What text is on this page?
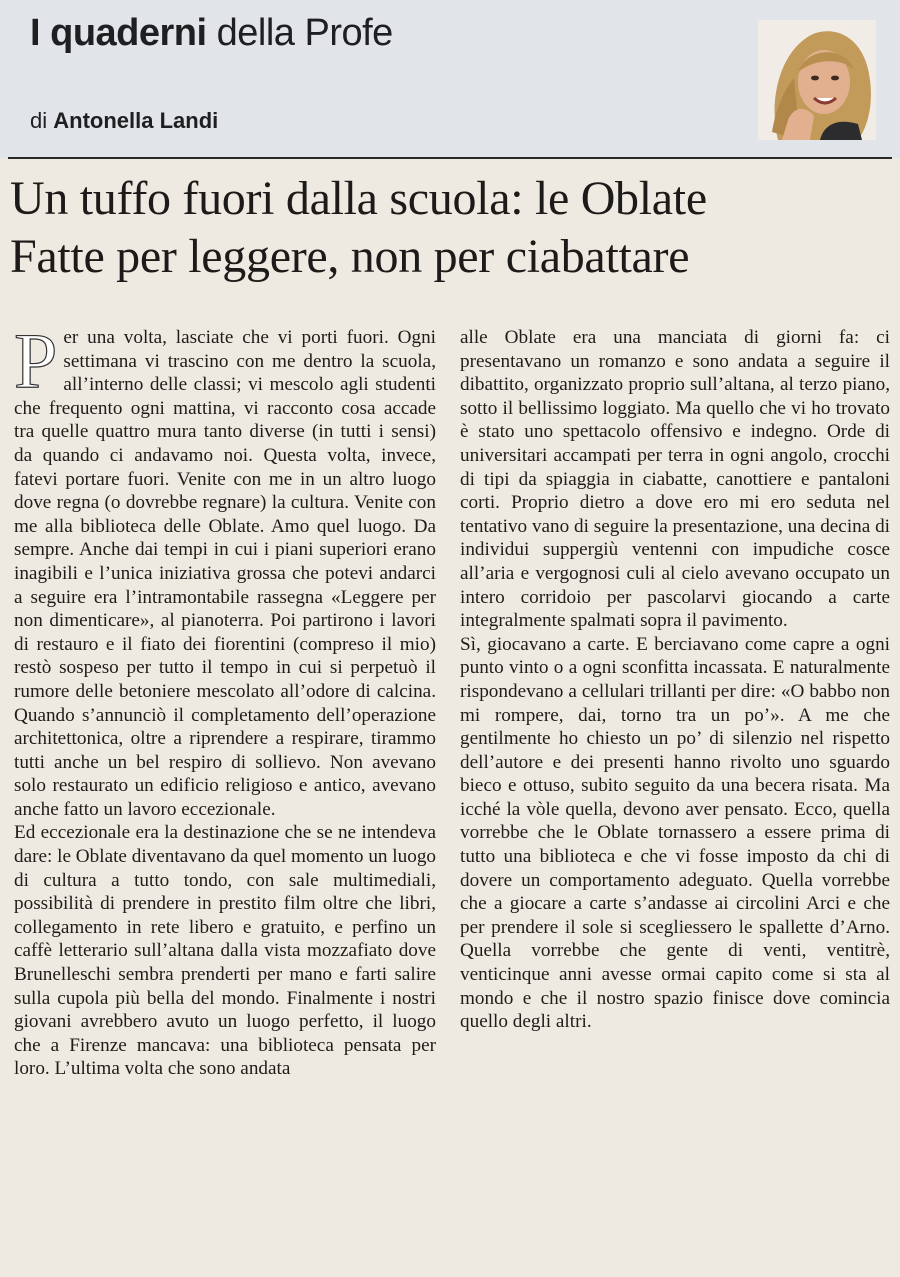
I quaderni della Profe
di Antonella Landi
Un tuffo fuori dalla scuola: le Oblate
Fatte per leggere, non per ciabattare

Per una volta, lasciate che vi porti fuori. Ogni settimana vi trascino con me dentro la scuola, all’interno delle classi; vi mescolo agli studenti che frequento ogni mattina, vi racconto cosa accade tra quelle quattro mura tanto diverse (in tutti i sensi) da quando ci andavamo noi. Questa volta, invece, fatevi portare fuori. Venite con me in un altro luogo dove regna (o dovrebbe regnare) la cultura. Venite con me alla biblioteca delle Oblate. Amo quel luogo. Da sempre. Anche dai tempi in cui i piani superiori erano inagibili e l’unica iniziativa grossa che potevi andarci a seguire era l’intramontabile rassegna «Leggere per non dimenticare», al pianoterra. Poi partirono i lavori di restauro e il fiato dei fiorentini (compreso il mio) restò sospeso per tutto il tempo in cui si perpetuò il rumore delle betoniere mescolato all’odore di calcina. Quando s’annunciò il completamento dell’operazione architettonica, oltre a riprendere a respirare, tirammo tutti anche un bel respiro di sollievo. Non avevano solo restaurato un edificio religioso e antico, avevano anche fatto un lavoro eccezionale.

Ed eccezionale era la destinazione che se ne intendeva dare: le Oblate diventavano da quel momento un luogo di cultura a tutto tondo, con sale multimediali, possibilità di prendere in prestito film oltre che libri, collegamento in rete libero e gratuito, e perfino un caffè letterario sull’altana dalla vista mozzafiato dove Brunelleschi sembra prenderti per mano e farti salire sulla cupola più bella del mondo. Finalmente i nostri giovani avrebbero avuto un luogo perfetto, il luogo che a Firenze mancava: una biblioteca pensata per loro. L’ultima volta che sono andata

alle Oblate era una manciata di giorni fa: ci presentavano un romanzo e sono andata a seguire il dibattito, organizzato proprio sull’altana, al terzo piano, sotto il bellissimo loggiato. Ma quello che vi ho trovato è stato uno spettacolo offensivo e indegno. Orde di universitari accampati per terra in ogni angolo, crocchi di tipi da spiaggia in ciabatte, canottiere e pantaloni corti. Proprio dietro a dove ero mi ero seduta nel tentativo vano di seguire la presentazione, una decina di individui suppergiù ventenni con impudiche cosce all’aria e vergognosi culi al cielo avevano occupato un intero corridoio per pascolarvi giocando a carte integralmente spalmati sopra il pavimento.

Sì, giocavano a carte. E berciavano come capre a ogni punto vinto o a ogni sconfitta incassata. E naturalmente rispondevano a cellulari trillanti per dire: «O babbo non mi rompere, dai, torno tra un po’». A me che gentilmente ho chiesto un po’ di silenzio nel rispetto dell’autore e dei presenti hanno rivolto uno sguardo bieco e ottuso, subito seguito da una becera risata. Ma icché la vòle quella, devono aver pensato. Ecco, quella vorrebbe che le Oblate tornassero a essere prima di tutto una biblioteca e che vi fosse imposto da chi di dovere un comportamento adeguato. Quella vorrebbe che a giocare a carte s’andasse ai circolini Arci e che per prendere il sole si scegliessero le spallette d’Arno. Quella vorrebbe che gente di venti, ventitrè, venticinque anni avesse ormai capito come si sta al mondo e che il nostro spazio finisce dove comincia quello degli altri.
